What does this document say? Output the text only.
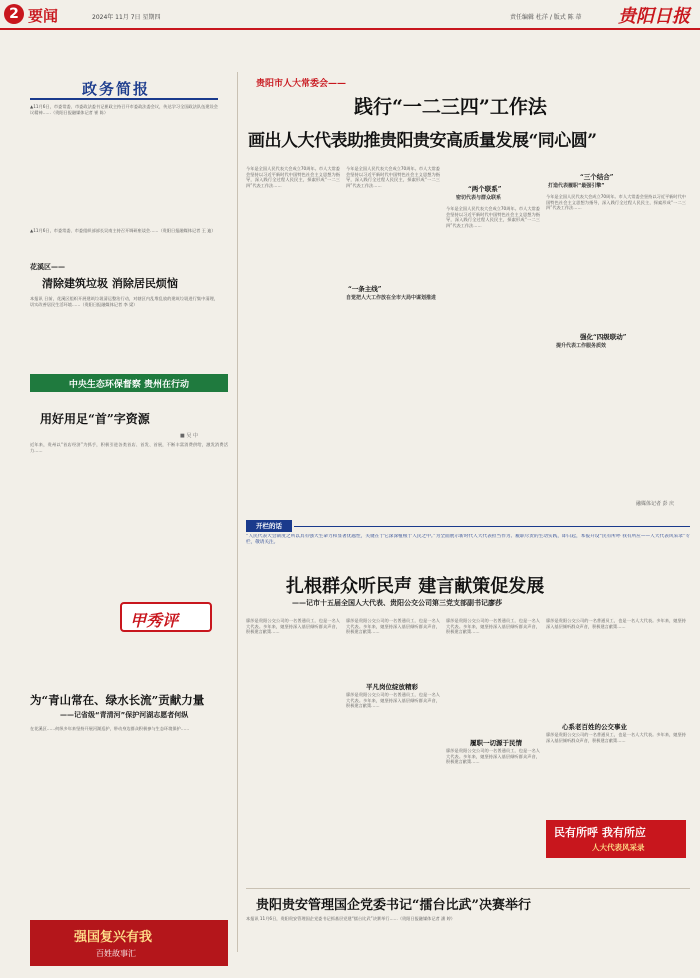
2 要闻	2024年 11月 7日 星期四	责任编辑 杜洋 / 版式 陈 蒂 贵阳日报
政务简报
▲11月6日，市委常委、市委政法委书记崔政主持召开市委政法委会议，传达学习全国政法队伍建设会议精神……（贵阳日报融媒体记者 崔 陈）
▲11月6日，市委常委、市委组织部部长吴南主持召开调研座谈会……（贵阳日报融媒体记者 王 迪）
花溪区——
清除建筑垃圾 消除居民烦恼
本报讯 日前，花溪区组织开展建筑垃圾清运整治行动，对辖区内乱堆乱放的建筑垃圾进行集中清理，切实改善居民生活环境……（贵阳日报融媒体记者 李 梁）
中央生态环保督察 贵州在行动
用好用足“首”字资源
■ 吴 中
近年来，贵州以“首店经济”为抓手，积极引进各类首店、首发、首展，不断丰富消费供给，激发消费活力……
甲秀评
为“青山常在、绿水长流”贡献力量
——记省级“青清河”保护河湖志愿者何纵
在花溪区……何纵多年来坚持开展河湖巡护，带动身边群众积极参与生态环境保护……
强国复兴有我
百姓故事汇
贵阳市人大常委会——
践行“一二三四”工作法
画出人大代表助推贵阳贵安高质量发展“同心圆”
今年是全国人民代表大会成立70周年。市人大常委会坚持以习近平新时代中国特色社会主义思想为指导，深入践行全过程人民民主，探索形成“一二三四”代表工作法……
“一条主线”
自觉把人大工作放在全市大局中谋划推进
今年是全国人民代表大会成立70周年。市人大常委会坚持以习近平新时代中国特色社会主义思想为指导，深入践行全过程人民民主，探索形成“一二三四”代表工作法……	“两个联系”
密切代表与群众联系
今年是全国人民代表大会成立70周年。市人大常委会坚持以习近平新时代中国特色社会主义思想为指导，深入践行全过程人民民主，探索形成“一二三四”代表工作法……
“三个结合”
打造代表履职“最强引擎”
强化“四级联动”
提升代表工作服务质效
今年是全国人民代表大会成立70周年。市人大常委会坚持以习近平新时代中国特色社会主义思想为指导，深入践行全过程人民民主，探索形成“一二三四”代表工作法……
融媒体记者 彭 庆
开栏的话
“人民代表大会制度之所以具有强大生命力和显著优越性，关键在于它深深植根于人民之中。”为全面展示新时代人大代表担当作为、履职尽责的生动实践，即日起，本报开设“民有所呼 我有所应——人大代表风采录”专栏，敬请关注。
扎根群众听民声 建言献策促发展
——记市十五届全国人大代表、贵阳公交公司第三党支部副书记廖莎
廖莎是贵阳公交公司的一名普通员工，也是一名人大代表。多年来，她坚持深入基层倾听群众声音，积极建言献策……
平凡岗位绽放精彩
廖莎是贵阳公交公司的一名普通员工，也是一名人大代表。多年来，她坚持深入基层倾听群众声音，积极建言献策……
廖莎是贵阳公交公司的一名普通员工，也是一名人大代表。多年来，她坚持深入基层倾听群众声音，积极建言献策……
履职一切源于民情
廖莎是贵阳公交公司的一名普通员工，也是一名人大代表。多年来，她坚持深入基层倾听群众声音，积极建言献策……
廖莎是贵阳公交公司的一名普通员工，也是一名人大代表。多年来，她坚持深入基层倾听群众声音，积极建言献策……
心系老百姓的公交事业
廖莎是贵阳公交公司的一名普通员工，也是一名人大代表。多年来，她坚持深入基层倾听群众声音，积极建言献策……
廖莎是贵阳公交公司的一名普通员工，也是一名人大代表。多年来，她坚持深入基层倾听群众声音，积极建言献策……
民有所呼 我有所应
人大代表风采录
贵阳贵安管理国企党委书记“擂台比武”决赛举行
本报讯 11月6日，贵阳贵安管理国企党委书记抓基层党建“擂台比武”决赛举行……（贵阳日报融媒体记者 潘 婷）
